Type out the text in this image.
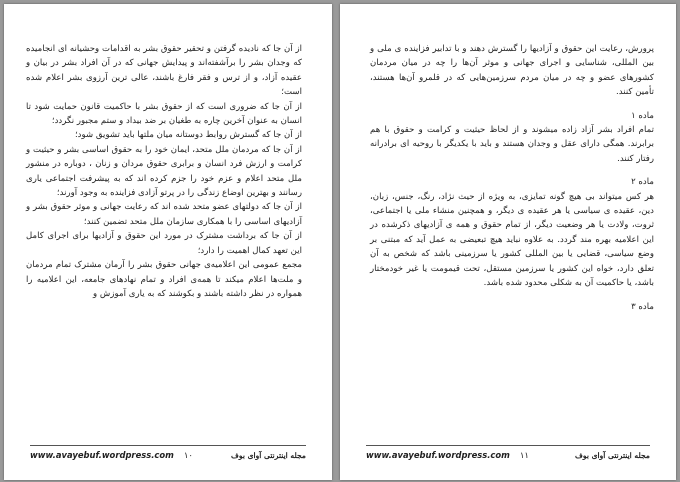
از آن جا که نادیده گرفتن و تحقیر حقوق بشر به اقدامات وحشیانه ای انجامیده که وجدان بشر را برآشفته‌اند و پیدایش جهانی که در آن افراد بشر در بیان و عقیده آزاد، و از ترس و فقر فارغ باشند، عالی ترین آرزوی بشر اعلام شده است؛

از آن جا که ضروری است که از حقوق بشر با حاکمیت قانون حمایت شود تا انسان به عنوان آخرین چاره به طغیان بر ضد بیداد و ستم مجبور نگردد؛

از آن جا که گسترش روابط دوستانه میان ملتها باید تشویق شود؛

از آن جا که مردمان ملل متحد، ایمان خود را به حقوق اساسی بشر و حیثیت و کرامت و ارزش فرد انسان و برابری حقوق مردان و زنان ، دوباره در منشور ملل متحد اعلام و عزم خود را جزم کرده اند که به پیشرفت اجتماعی یاری رسانند و بهترین اوضاع زندگی را در پرتو آزادی فزاینده به وجود آورند؛

از آن جا که دولتهای عضو متحد شده اند که رعایت جهانی و موثر حقوق بشر و آزادیهای اساسی را با همکاری سازمان ملل متحد تضمین کنند؛

از آن جا که برداشت مشترک در مورد این حقوق و آزادیها برای اجرای کامل این تعهد کمال اهمیت را دارد؛

مجمع عمومی این اعلامیه‌ی جهانی حقوق بشر را آرمان مشترک تمام مردمان و ملت‌ها اعلام میکند تا همه‌ی افراد و تمام نهادهای جامعه، این اعلامیه را همواره در نظر داشته باشند و بکوشند که به یاری آموزش و

www.avayebuf.wordpress.com ۱۰	مجله اینترنتی آوای بوف

پرورش، رعایت این حقوق و آزادیها را گسترش دهند و با تدابیر فزاینده ی ملی و بین المللی، شناسایی و اجرای جهانی و موثر آن‌ها را چه در میان مردمان کشورهای عضو و چه در میان مردم سرزمین‌هایی که در قلمرو آن‌ها هستند، تأمین کنند.

ماده ۱

تمام افراد بشر آزاد زاده میشوند و از لحاظ حیثیت و کرامت و حقوق با هم برابرند. همگی دارای عقل و وجدان هستند و باید با یکدیگر با روحیه ای برادرانه رفتار کنند.

ماده ۲

هر کس میتواند بی هیچ گونه تمایزی، به ویژه از حیث نژاد، رنگ، جنس، زبان، دین، عقیده ی سیاسی یا هر عقیده ی دیگر، و همچنین منشاء ملی یا اجتماعی، ثروت، ولادت یا هر وضعیت دیگر، از تمام حقوق و همه ی آزادیهای ذکرشده در این اعلامیه بهره مند گردد. به علاوه نباید هیچ تبعیضی به عمل آید که مبتنی بر وضع سیاسی، قضایی یا بین المللی کشور یا سرزمینی باشد که شخص به آن تعلق دارد، خواه این کشور یا سرزمین مستقل، تحت قیمومت یا غیر خودمختار باشد، یا حاکمیت آن به شکلی محدود شده باشد.

ماده ۳

www.avayebuf.wordpress.com ۱۱	مجله اینترنتی آوای بوف
